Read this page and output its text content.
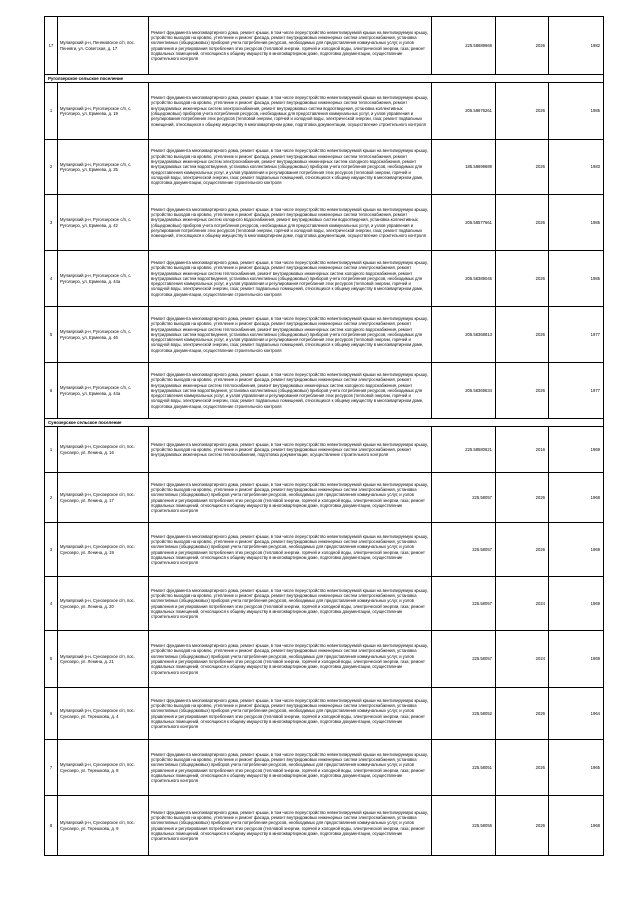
17	Мулаярский р-н, Пеняковское с/п, пос. Пенняги, ул. Советская, д. 17	Ремонт фундамента многоквартирного дома, ремонт крыши, в том числе переустройство невентилируемой крыши на вентилируемую крышу, устройство выходов на кровлю, утепление и ремонт фасада, ремонт внутридомовых инженерных систем электроснабжения, установка коллективных (общедомовых) приборов учета потребления ресурсов, необходимых для предоставления коммунальных услуг, и узлов управления и регулирования потребления этих ресурсов (тепловой энергии, горячей и холодной воды, электрической энергии, газа; ремонт подвальных помещений, относящихся к общему имуществу в многоквартирном доме, подготовка документации, осуществление строительного контроля	225.58689668	2026	1982
Руголзерское сельское поселение					
1	Мулаярский р-н, Руголзерское с/п, с. Руголзеро, ул. Ермеева, д. 19	Ремонт фундамента многоквартирного дома, ремонт крыши, в том числе переустройство невентилируемой крыши на вентилируемую крышу, устройство выходов на кровлю, утепление и ремонт фасада, ремонт внутридомовых инженерных систем теплоснабжения, ремонт внутридомовых инженерных систем электроснабжения, ремонт внутридомовых систем водоотведения, установка коллективных (общедомовых) приборов учета потребления ресурсов, необходимых для предоставления коммунальных услуг, и узлов управления и регулирования потребления этих ресурсов (тепловой энергии, горячей и холодной воды, электрической энергии, газа; ремонт подвальных помещений, относящихся к общему имуществу в многоквартирном доме, подготовка документации, осуществление строительного контроля	205.58676261	2026	1985
2	Мулаярский р-н, Руголзерское с/п, с. Руголзеро, ул. Ермеева, д. 25	Ремонт фундамента многоквартирного дома, ремонт крыши, в том числе переустройство невентилируемой крыши на вентилируемую крышу, устройство выходов на кровлю, утепление и ремонт фасада, ремонт внутридомовых инженерных систем теплоснабжения, ремонт внутридомовых инженерных систем электроснабжения, ремонт внутридомовых инженерных систем холодного водоснабжения, ремонт внутридомовых систем водоотведения, установка коллективных (общедомовых) приборов учета потребления ресурсов, необходимых для предоставления коммунальных услуг, и узлов управления и регулирования потребления этих ресурсов (тепловой энергии, горячей и холодной воды, электрической энергии, газа; ремонт подвальных помещений, относящихся к общему имуществу в многоквартирном доме, подготовка документации, осуществление строительного контроля	185.58699689	2026	1983
3	Мулаярский р-н, Руголзерское с/п, с. Руголзеро, ул. Ермеева, д. 42	Ремонт фундамента многоквартирного дома, ремонт крыши, в том числе переустройство невентилируемой крыши на вентилируемую крышу, устройство выходов на кровлю, утепление и ремонт фасада, ремонт внутридомовых инженерных систем теплоснабжения, ремонт внутридомовых инженерных систем холодного водоснабжения, ремонт внутридомовых систем водоотведения, установка коллективных (общедомовых) приборов учета потребления ресурсов, необходимых для предоставления коммунальных услуг, и узлов управления и регулирования потребления этих ресурсов (тепловой энергии, горячей и холодной воды, электрической энергии, газа; ремонт подвальных помещений, относящихся к общему имуществу в многоквартирном доме, подготовка документации, осуществление строительного контроля	205.58577661	2026	1985
4	Мулаярский р-н, Руголзерское с/п, с. Руголзеро, ул. Ермеева, д. 44а	Ремонт фундамента многоквартирного дома, ремонт крыши, в том числе переустройство невентилируемой крыши на вентилируемую крышу, устройство выходов на кровлю, утепление и ремонт фасада, ремонт внутридомовых инженерных систем электроснабжения, ремонт внутридомовых инженерных систем теплоснабжения, ремонт внутридомовых инженерных систем холодного водоснабжения, ремонт внутридомовых систем водоотведения, установка коллективных (общедомовых) приборов учета потребления ресурсов, необходимых для предоставления коммунальных услуг, и узлов управления и регулирования потребления этих ресурсов (тепловой энергии, горячей и холодной воды, электрической энергии, газа; ремонт подвальных помещений, относящихся к общему имуществу в многоквартирном доме, подготовка документации, осуществление строительного контроля	205.58389045	2026	1985
5	Мулаярский р-н, Руголзерское с/п, с. Руголзеро, ул. Ермеева, д. 46	Ремонт фундамента многоквартирного дома, ремонт крыши, в том числе переустройство невентилируемой крыши на вентилируемую крышу, устройство выходов на кровлю, утепление и ремонт фасада, ремонт внутридомовых инженерных систем электроснабжения, ремонт внутридомовых инженерных систем теплоснабжения, ремонт внутридомовых инженерных систем холодного водоснабжения, ремонт внутридомовых систем водоотведения, установка коллективных (общедомовых) приборов учета потребления ресурсов, необходимых для предоставления коммунальных услуг, и узлов управления и регулирования потребления этих ресурсов (тепловой энергии, горячей и холодной воды, электрической энергии, газа; ремонт подвальных помещений, относящихся к общему имуществу в многоквартирном доме, подготовка документации, осуществление строительного контроля	205.58368813	2026	1977
6	Мулаярский р-н, Руголзерское с/п, с. Руголзеро, ул. Ермеева, д. 44а	Ремонт фундамента многоквартирного дома, ремонт крыши, в том числе переустройство невентилируемой крыши на вентилируемую крышу, устройство выходов на кровлю, утепление и ремонт фасада, ремонт внутридомовых инженерных систем электроснабжения, ремонт внутридомовых инженерных систем теплоснабжения, ремонт внутридомовых инженерных систем холодного водоснабжения, ремонт внутридомовых систем водоотведения, установка коллективных (общедомовых) приборов учета потребления ресурсов, необходимых для предоставления коммунальных услуг, и узлов управления и регулирования потребления этих ресурсов (тепловой энергии, горячей и холодной воды, электрической энергии, газа; ремонт подвальных помещений, относящихся к общему имуществу в многоквартирном доме, подготовка документации, осуществление строительного контроля	205.58369634	2026	1977
Сунозерское сельское поселение					
1	Мулаярский р-н, Сунозерское с/п, пос. Сунозеро, ул. Ленина, д. 16	Ремонт фундамента многоквартирного дома, ремонт крыши, в том числе переустройство невентилируемой крыши на вентилируемую крышу, устройство выходов на кровлю, утепление и ремонт фасада, ремонт внутридомовых инженерных систем электроснабжения, ремонт внутридомовых инженерных систем теплоснабжения, подготовка документации, осуществление строительного контроля	225.58580621	2016	1969
2	Мулаярский р-н, Сунозерское с/п, пос. Сунозеро, ул. Ленина, д. 17	Ремонт фундамента многоквартирного дома, ремонт крыши, в том числе переустройство невентилируемой крыши на вентилируемую крышу, устройство выходов на кровлю, утепление и ремонт фасада, ремонт внутридомовых инженерных систем электроснабжения, установка коллективных (общедомовых) приборов учета потребления ресурсов, необходимых для предоставления коммунальных услуг, и узлов управления и регулирования потребления этих ресурсов (тепловой энергии, горячей и холодной воды, электрической энергии, газа; ремонт подвальных помещений, относящихся к общему имуществу в многоквартирном доме, подготовка документации, осуществление строительного контроля	225.58057	2026	1968
3	Мулаярский р-н, Сунозерское с/п, пос. Сунозеро, ул. Ленина, д. 19	Ремонт фундамента многоквартирного дома, ремонт крыши, в том числе переустройство невентилируемой крыши на вентилируемую крышу, устройство выходов на кровлю, утепление и ремонт фасада, ремонт внутридомовых инженерных систем электроснабжения, установка коллективных (общедомовых) приборов учета потребления ресурсов, необходимых для предоставления коммунальных услуг, и узлов управления и регулирования потребления этих ресурсов (тепловой энергии, горячей и холодной воды, электрической энергии, газа; ремонт подвальных помещений, относящихся к общему имуществу в многоквартирном доме, подготовка документации, осуществление строительного контроля	225.58057	2026	1969
4	Мулаярский р-н, Сунозерское с/п, пос. Сунозеро, ул. Ленина, д. 20	Ремонт фундамента многоквартирного дома, ремонт крыши, в том числе переустройство невентилируемой крыши на вентилируемую крышу, устройство выходов на кровлю, утепление и ремонт фасада, ремонт внутридомовых инженерных систем электроснабжения, установка коллективных (общедомовых) приборов учета потребления ресурсов, необходимых для предоставления коммунальных услуг, и узлов управления и регулирования потребления этих ресурсов (тепловой энергии, горячей и холодной воды, электрической энергии, газа; ремонт подвальных помещений, относящихся к общему имуществу в многоквартирном доме, подготовка документации, осуществление строительного контроля	225.58057	2024	1969
5	Мулаярский р-н, Сунозерское с/п, пос. Сунозеро, ул. Ленина, д. 21	Ремонт фундамента многоквартирного дома, ремонт крыши, в том числе переустройство невентилируемой крыши на вентилируемую крышу, устройство выходов на кровлю, утепление и ремонт фасада, ремонт внутридомовых инженерных систем электроснабжения, установка коллективных (общедомовых) приборов учета потребления ресурсов, необходимых для предоставления коммунальных услуг, и узлов управления и регулирования потребления этих ресурсов (тепловой энергии, горячей и холодной воды, электрической энергии, газа; ремонт подвальных помещений, относящихся к общему имуществу в многоквартирном доме, подготовка документации, осуществление строительного контроля	225.58057	2024	1969
6	Мулаярский р-н, Сунозерское с/п, пос. Сунозеро, ул. Терешкова, д. 4	Ремонт фундамента многоквартирного дома, ремонт крыши, в том числе переустройство невентилируемой крыши на вентилируемую крышу, устройство выходов на кровлю, утепление и ремонт фасада, ремонт внутридомовых инженерных систем электроснабжения, установка коллективных (общедомовых) приборов учета потребления ресурсов, необходимых для предоставления коммунальных услуг, и узлов управления и регулирования потребления этих ресурсов (тепловой энергии, горячей и холодной воды, электрической энергии, газа; ремонт подвальных помещений, относящихся к общему имуществу в многоквартирном доме, подготовка документации, осуществление строительного контроля	225.58052	2026	1964
7	Мулаярский р-н, Сунозерское с/п, пос. Сунозеро, ул. Терешкова, д. 8	Ремонт фундамента многоквартирного дома, ремонт крыши, в том числе переустройство невентилируемой крыши на вентилируемую крышу, устройство выходов на кровлю, утепление и ремонт фасада, ремонт внутридомовых инженерных систем электроснабжения, установка коллективных (общедомовых) приборов учета потребления ресурсов, необходимых для предоставления коммунальных услуг, и узлов управления и регулирования потребления этих ресурсов (тепловой энергии, горячей и холодной воды, электрической энергии, газа; ремонт подвальных помещений, относящихся к общему имуществу в многоквартирном доме, подготовка документации, осуществление строительного контроля	225.58051	2026	1965
8	Мулаярский р-н, Сунозерское с/п, пос. Сунозеро, ул. Терешкова, д. 9	Ремонт фундамента многоквартирного дома, ремонт крыши, в том числе переустройство невентилируемой крыши на вентилируемую крышу, устройство выходов на кровлю, утепление и ремонт фасада, ремонт внутридомовых инженерных систем электроснабжения, установка коллективных (общедомовых) приборов учета потребления ресурсов, необходимых для предоставления коммунальных услуг, и узлов управления и регулирования потребления этих ресурсов (тепловой энергии, горячей и холодной воды, электрической энергии, газа; ремонт подвальных помещений, относящихся к общему имуществу в многоквартирном доме, подготовка документации, осуществление строительного контроля	225.58055	2026	1968
